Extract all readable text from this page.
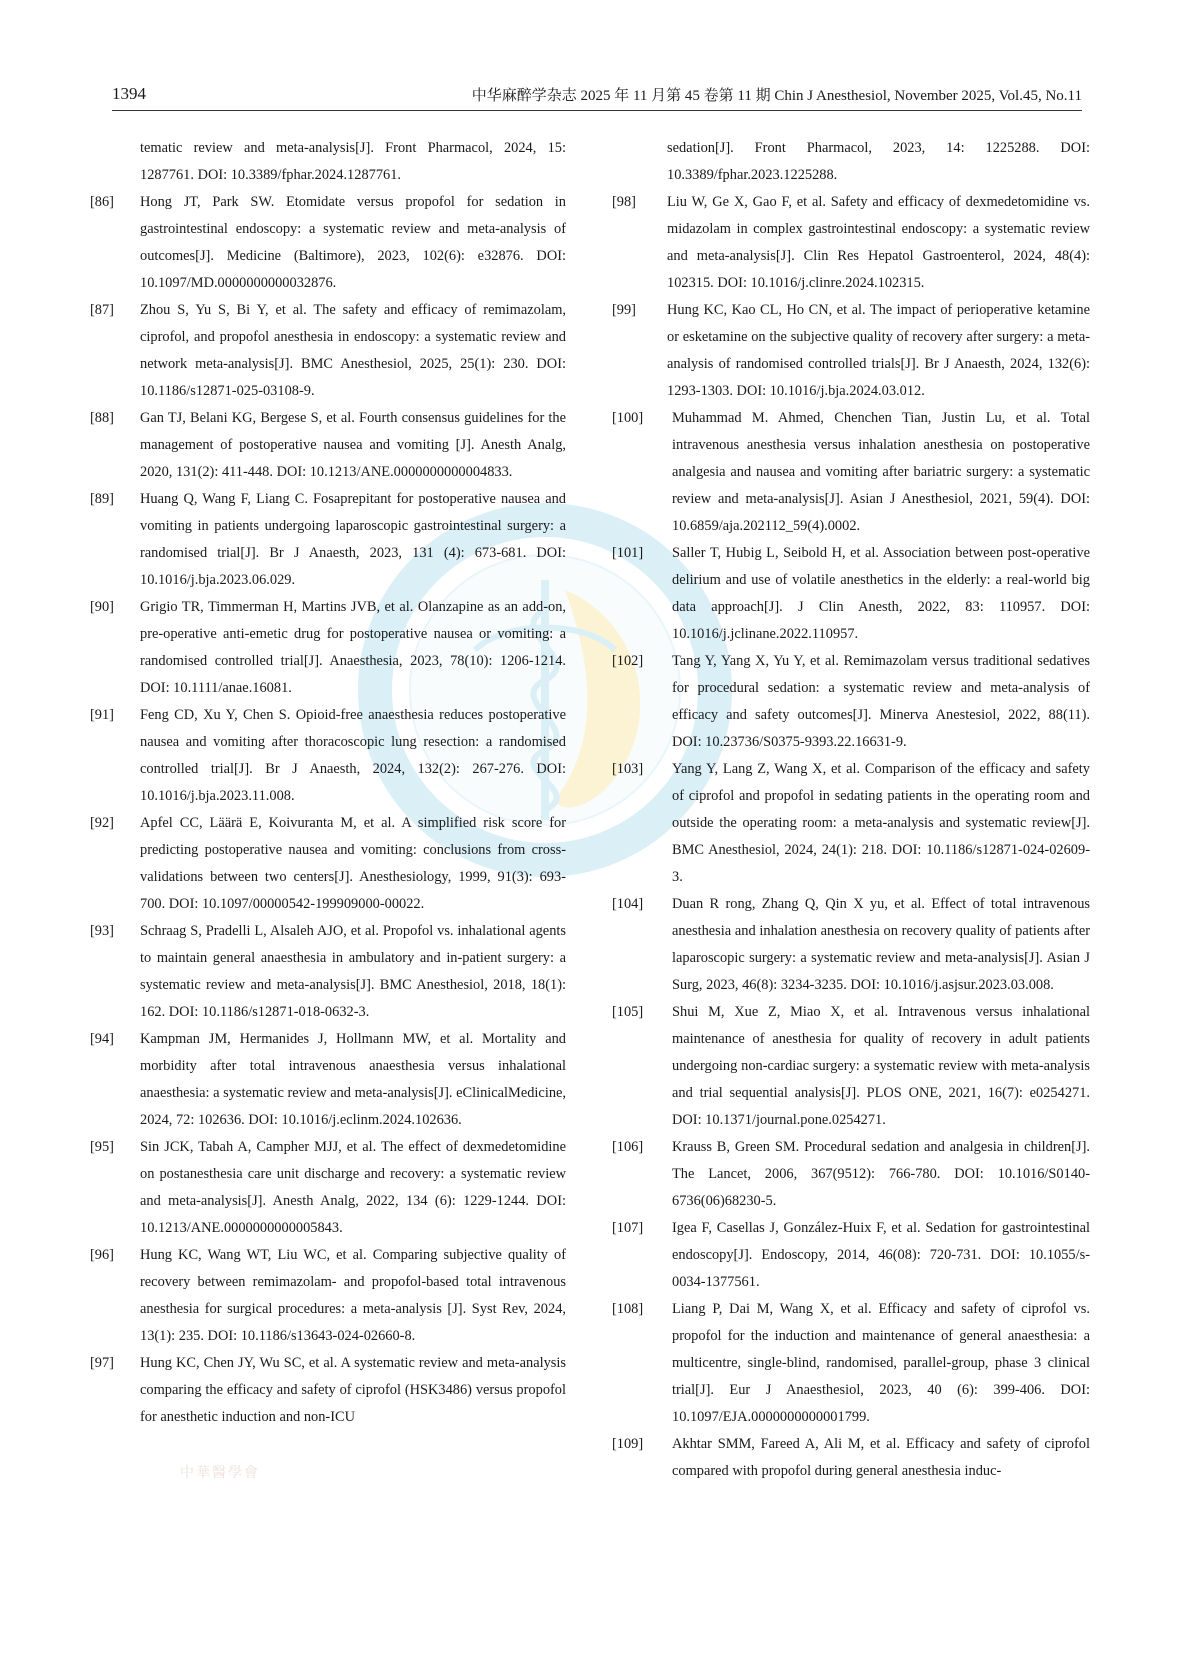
中華醫學會
1394	中华麻醉学杂志 2025 年 11 月第 45 卷第 11 期 Chin J Anesthesiol, November 2025, Vol.45, No.11
tematic review and meta-analysis[J]. Front Pharmacol, 2024, 15: 1287761. DOI: 10.3389/fphar.2024.1287761.
[86]	Hong JT, Park SW. Etomidate versus propofol for sedation in gastrointestinal endoscopy: a systematic review and meta-analysis of outcomes[J]. Medicine (Baltimore), 2023, 102(6): e32876. DOI: 10.1097/MD.0000000000032876.
[87]	Zhou S, Yu S, Bi Y, et al. The safety and efficacy of remimazolam, ciprofol, and propofol anesthesia in endoscopy: a systematic review and network meta-analysis[J]. BMC Anesthesiol, 2025, 25(1): 230. DOI: 10.1186/s12871-025-03108-9.
[88]	Gan TJ, Belani KG, Bergese S, et al. Fourth consensus guidelines for the management of postoperative nausea and vomiting [J]. Anesth Analg, 2020, 131(2): 411-448. DOI: 10.1213/ANE.0000000000004833.
[89]	Huang Q, Wang F, Liang C. Fosaprepitant for postoperative nausea and vomiting in patients undergoing laparoscopic gastrointestinal surgery: a randomised trial[J]. Br J Anaesth, 2023, 131 (4): 673-681. DOI: 10.1016/j.bja.2023.06.029.
[90]	Grigio TR, Timmerman H, Martins JVB, et al. Olanzapine as an add-on, pre-operative anti-emetic drug for postoperative nausea or vomiting: a randomised controlled trial[J]. Anaesthesia, 2023, 78(10): 1206-1214. DOI: 10.1111/anae.16081.
[91]	Feng CD, Xu Y, Chen S. Opioid-free anaesthesia reduces postoperative nausea and vomiting after thoracoscopic lung resection: a randomised controlled trial[J]. Br J Anaesth, 2024, 132(2): 267-276. DOI: 10.1016/j.bja.2023.11.008.
[92]	Apfel CC, Läärä E, Koivuranta M, et al. A simplified risk score for predicting postoperative nausea and vomiting: conclusions from cross-validations between two centers[J]. Anesthesiology, 1999, 91(3): 693-700. DOI: 10.1097/00000542-199909000-00022.
[93]	Schraag S, Pradelli L, Alsaleh AJO, et al. Propofol vs. inhalational agents to maintain general anaesthesia in ambulatory and in-patient surgery: a systematic review and meta-analysis[J]. BMC Anesthesiol, 2018, 18(1): 162. DOI: 10.1186/s12871-018-0632-3.
[94]	Kampman JM, Hermanides J, Hollmann MW, et al. Mortality and morbidity after total intravenous anaesthesia versus inhalational anaesthesia: a systematic review and meta-analysis[J]. eClinicalMedicine, 2024, 72: 102636. DOI: 10.1016/j.eclinm.2024.102636.
[95]	Sin JCK, Tabah A, Campher MJJ, et al. The effect of dexmedetomidine on postanesthesia care unit discharge and recovery: a systematic review and meta-analysis[J]. Anesth Analg, 2022, 134 (6): 1229-1244. DOI: 10.1213/ANE.0000000000005843.
[96]	Hung KC, Wang WT, Liu WC, et al. Comparing subjective quality of recovery between remimazolam- and propofol-based total intravenous anesthesia for surgical procedures: a meta-analysis [J]. Syst Rev, 2024, 13(1): 235. DOI: 10.1186/s13643-024-02660-8.
[97]	Hung KC, Chen JY, Wu SC, et al. A systematic review and meta-analysis comparing the efficacy and safety of ciprofol (HSK3486) versus propofol for anesthetic induction and non-ICU
sedation[J]. Front Pharmacol, 2023, 14: 1225288. DOI: 10.3389/fphar.2023.1225288.
[98]	Liu W, Ge X, Gao F, et al. Safety and efficacy of dexmedetomidine vs. midazolam in complex gastrointestinal endoscopy: a systematic review and meta-analysis[J]. Clin Res Hepatol Gastroenterol, 2024, 48(4): 102315. DOI: 10.1016/j.clinre.2024.102315.
[99]	Hung KC, Kao CL, Ho CN, et al. The impact of perioperative ketamine or esketamine on the subjective quality of recovery after surgery: a meta-analysis of randomised controlled trials[J]. Br J Anaesth, 2024, 132(6): 1293-1303. DOI: 10.1016/j.bja.2024.03.012.
[100]	Muhammad M. Ahmed, Chenchen Tian, Justin Lu, et al. Total intravenous anesthesia versus inhalation anesthesia on postoperative analgesia and nausea and vomiting after bariatric surgery: a systematic review and meta-analysis[J]. Asian J Anesthesiol, 2021, 59(4). DOI: 10.6859/aja.202112_59(4).0002.
[101]	Saller T, Hubig L, Seibold H, et al. Association between post-operative delirium and use of volatile anesthetics in the elderly: a real-world big data approach[J]. J Clin Anesth, 2022, 83: 110957. DOI: 10.1016/j.jclinane.2022.110957.
[102]	Tang Y, Yang X, Yu Y, et al. Remimazolam versus traditional sedatives for procedural sedation: a systematic review and meta-analysis of efficacy and safety outcomes[J]. Minerva Anestesiol, 2022, 88(11). DOI: 10.23736/S0375-9393.22.16631-9.
[103]	Yang Y, Lang Z, Wang X, et al. Comparison of the efficacy and safety of ciprofol and propofol in sedating patients in the operating room and outside the operating room: a meta-analysis and systematic review[J]. BMC Anesthesiol, 2024, 24(1): 218. DOI: 10.1186/s12871-024-02609-3.
[104]	Duan R rong, Zhang Q, Qin X yu, et al. Effect of total intravenous anesthesia and inhalation anesthesia on recovery quality of patients after laparoscopic surgery: a systematic review and meta-analysis[J]. Asian J Surg, 2023, 46(8): 3234-3235. DOI: 10.1016/j.asjsur.2023.03.008.
[105]	Shui M, Xue Z, Miao X, et al. Intravenous versus inhalational maintenance of anesthesia for quality of recovery in adult patients undergoing non-cardiac surgery: a systematic review with meta-analysis and trial sequential analysis[J]. PLOS ONE, 2021, 16(7): e0254271. DOI: 10.1371/journal.pone.0254271.
[106]	Krauss B, Green SM. Procedural sedation and analgesia in children[J]. The Lancet, 2006, 367(9512): 766-780. DOI: 10.1016/S0140-6736(06)68230-5.
[107]	Igea F, Casellas J, González-Huix F, et al. Sedation for gastrointestinal endoscopy[J]. Endoscopy, 2014, 46(08): 720-731. DOI: 10.1055/s-0034-1377561.
[108]	Liang P, Dai M, Wang X, et al. Efficacy and safety of ciprofol vs. propofol for the induction and maintenance of general anaesthesia: a multicentre, single-blind, randomised, parallel-group, phase 3 clinical trial[J]. Eur J Anaesthesiol, 2023, 40 (6): 399-406. DOI: 10.1097/EJA.0000000000001799.
[109]	Akhtar SMM, Fareed A, Ali M, et al. Efficacy and safety of ciprofol compared with propofol during general anesthesia induc-
